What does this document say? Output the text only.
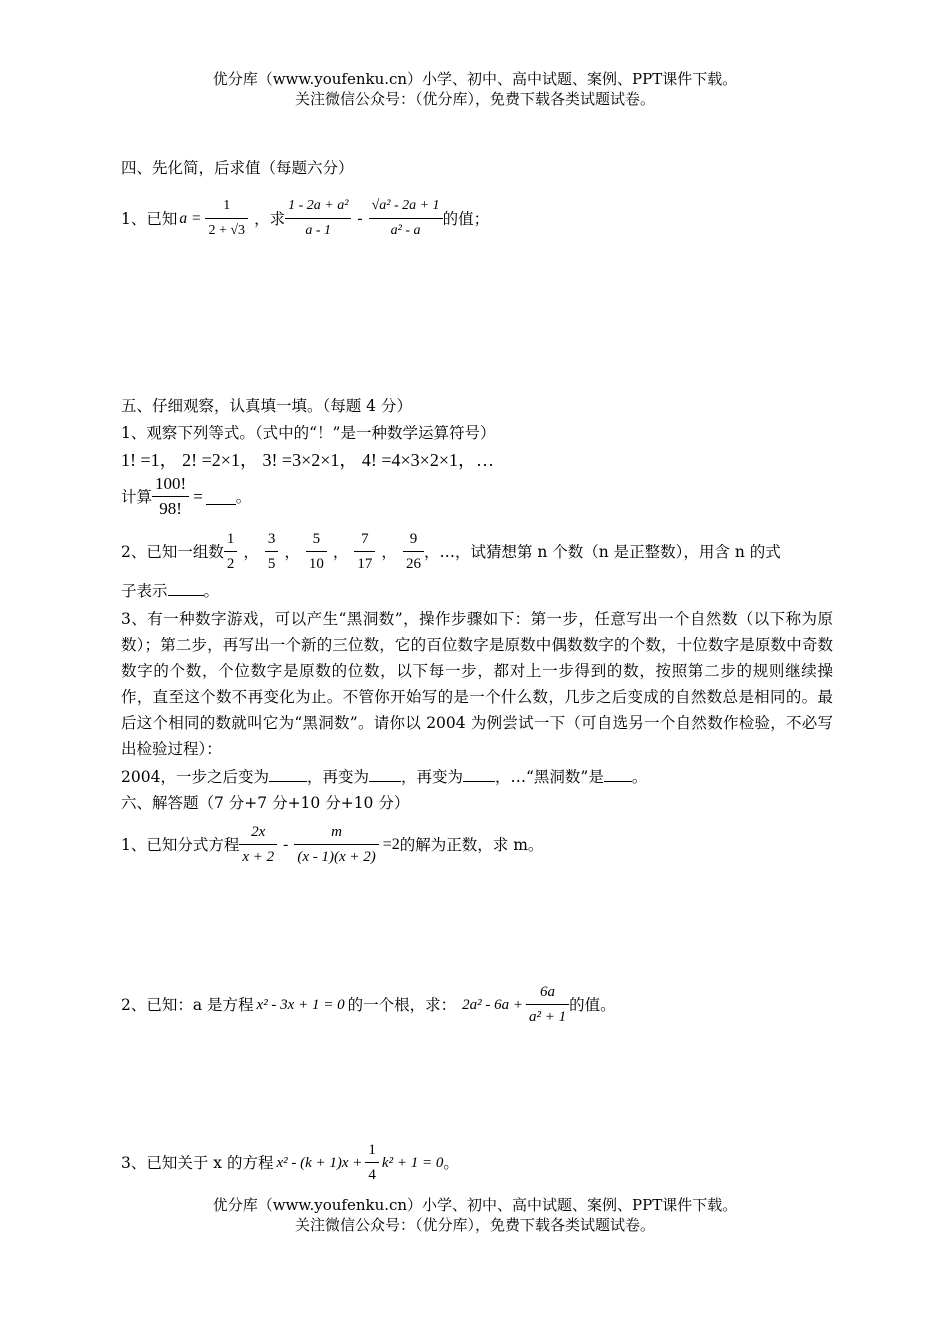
优分库（www.youfenku.cn）小学、初中、高中试题、案例、PPT课件下载。
关注微信公众号：（优分库），免费下载各类试题试卷。
四、先化简，后求值（每题六分）
1、已知 $a = \frac{1}{2 + √3}$ ，求 $\frac{\text{1 - 2a + a²}}{a - 1} - \frac{\text{√a² - 2a + 1}}{\text{a² - a}}$ 的值；
五、仔细观察，认真填一填。（每题 4 分）
1、观察下列等式。（式中的“！”是一种数学运算符号）
1! =1， 2! =2×1， 3! =3×2×1， 4! =4×3×2×1，…
计算 $\frac{100!}{98!}$ = 。
2、已知一组数 $\frac{1}{2}$ ， $\frac{3}{5}$ ， $\frac{5}{10}$ ， $\frac{7}{17}$ ， $\frac{9}{26}$ ，…，试猜想第 n 个数（n 是正整数），用含 n 的式
子表示 。
3、有一种数字游戏，可以产生“黑洞数”，操作步骤如下：第一步，任意写出一个自然数（以下称为原数）；第二步，再写出一个新的三位数，它的百位数字是原数中偶数数字的个数，十位数字是原数中奇数数字的个数，个位数字是原数的位数，以下每一步，都对上一步得到的数，按照第二步的规则继续操作，直至这个数不再变化为止。不管你开始写的是一个什么数，几步之后变成的自然数总是相同的。最后这个相同的数就叫它为“黑洞数”。请你以 2004 为例尝试一下（可自选另一个自然数作检验，不必写出检验过程）：
2004，一步之后变为 ，再变为 ，再变为 ，…“黑洞数”是 。
六、解答题（7 分+7 分+10 分+10 分）
1、已知分式方程 $\frac{2x}{x + 2} - \frac{m}{(x - 1)(x + 2)} =2$ 的解为正数，求 m。
2、已知：a 是方程 x² - 3x + 1 = 0 的一个根，求： $2a^2 - 6a + \frac{6a}{\text{a² + 1}}$ 的值。
3、已知关于 x 的方程 $x^2 - (k + 1)x + \frac{1}{4} k^2 + 1 = 0$ 。
优分库（www.youfenku.cn）小学、初中、高中试题、案例、PPT课件下载。
关注微信公众号：（优分库），免费下载各类试题试卷。
